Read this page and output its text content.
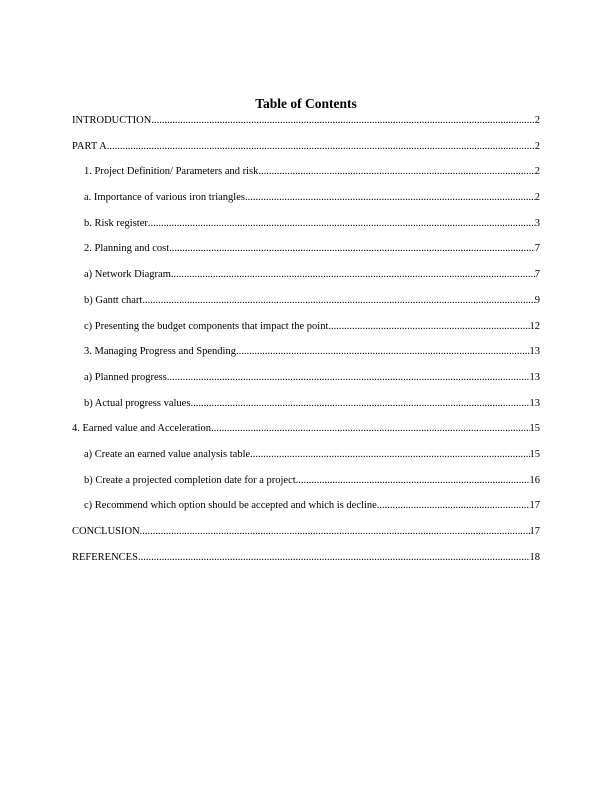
Table of Contents
INTRODUCTION .....	2
PART A .....	2
1. Project Definition/ Parameters and risk .....	2
a. Importance of various iron triangles .....	2
b. Risk register .....	3
2. Planning and cost .....	7
a) Network Diagram .....	7
b) Gantt chart .....	9
c) Presenting the budget components that impact the point .....	12
3. Managing Progress and Spending .....	13
a) Planned progress .....	13
b) Actual progress values .....	13
4. Earned value and Acceleration .....	15
a) Create an earned value analysis table .....	15
b) Create a projected completion date for a project .....	16
c) Recommend which option should be accepted and which is decline .....	17
CONCLUSION .....	17
REFERENCES .....	18
